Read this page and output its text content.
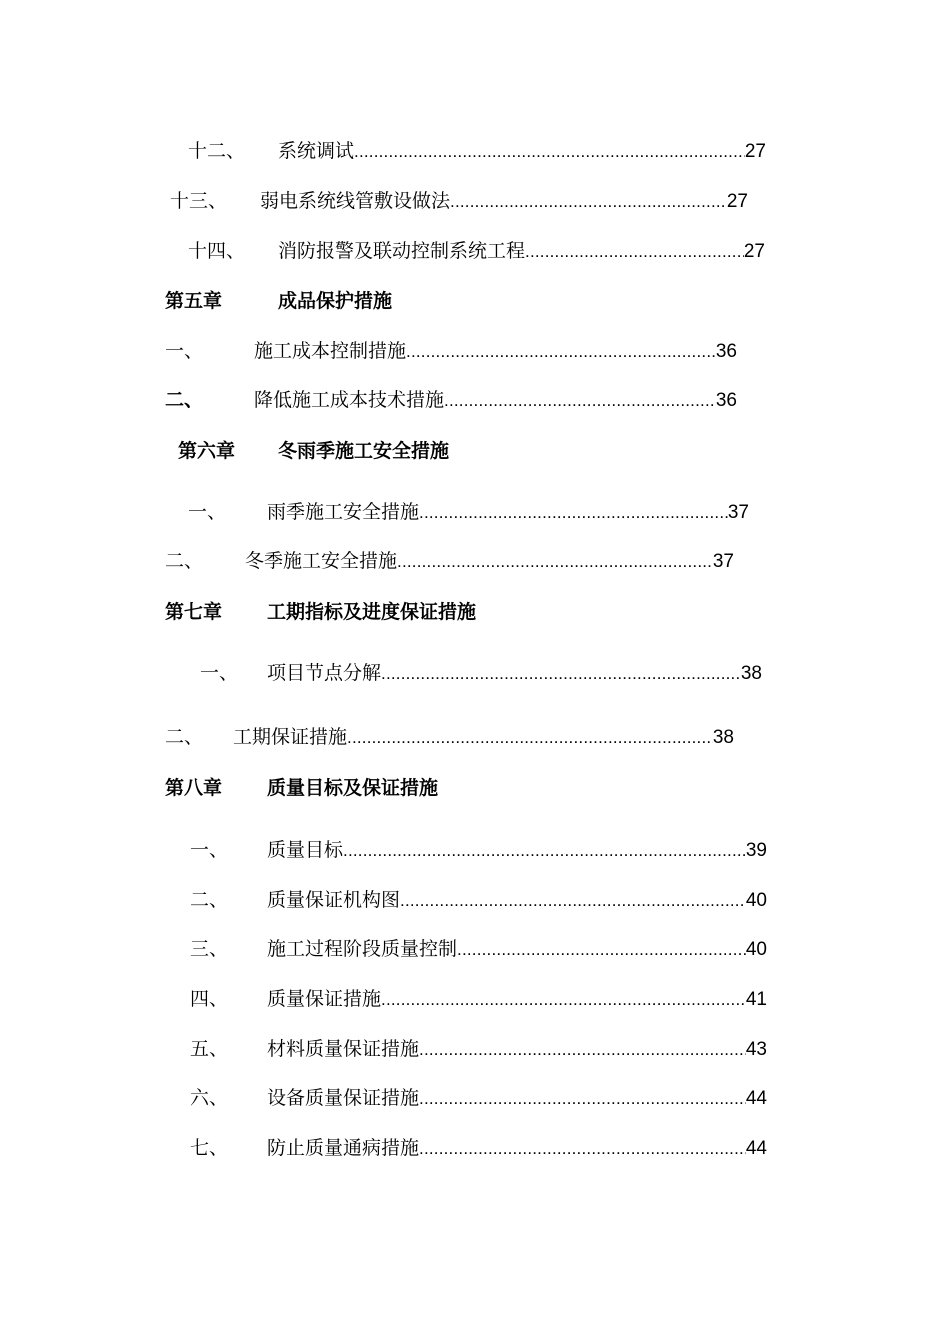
十二、	系统调试 .....	27
十三、	弱电系统线管敷设做法 .....	27
十四、	消防报警及联动控制系统工程 .....	27
第五章	成品保护措施
一、	施工成本控制措施 .....	36
二、	降低施工成本技术措施 .....	36
第六章	冬雨季施工安全措施
一、	雨季施工安全措施 .....	37
二、	冬季施工安全措施 .....	37
第七章	工期指标及进度保证措施
一、	项目节点分解 .....	38
二、	工期保证措施 .....	38
第八章	质量目标及保证措施
一、	质量目标 .....	39
二、	质量保证机构图 .....	40
三、	施工过程阶段质量控制 .....	40
四、	质量保证措施 .....	41
五、	材料质量保证措施 .....	43
六、	设备质量保证措施 .....	44
七、	防止质量通病措施 .....	44
